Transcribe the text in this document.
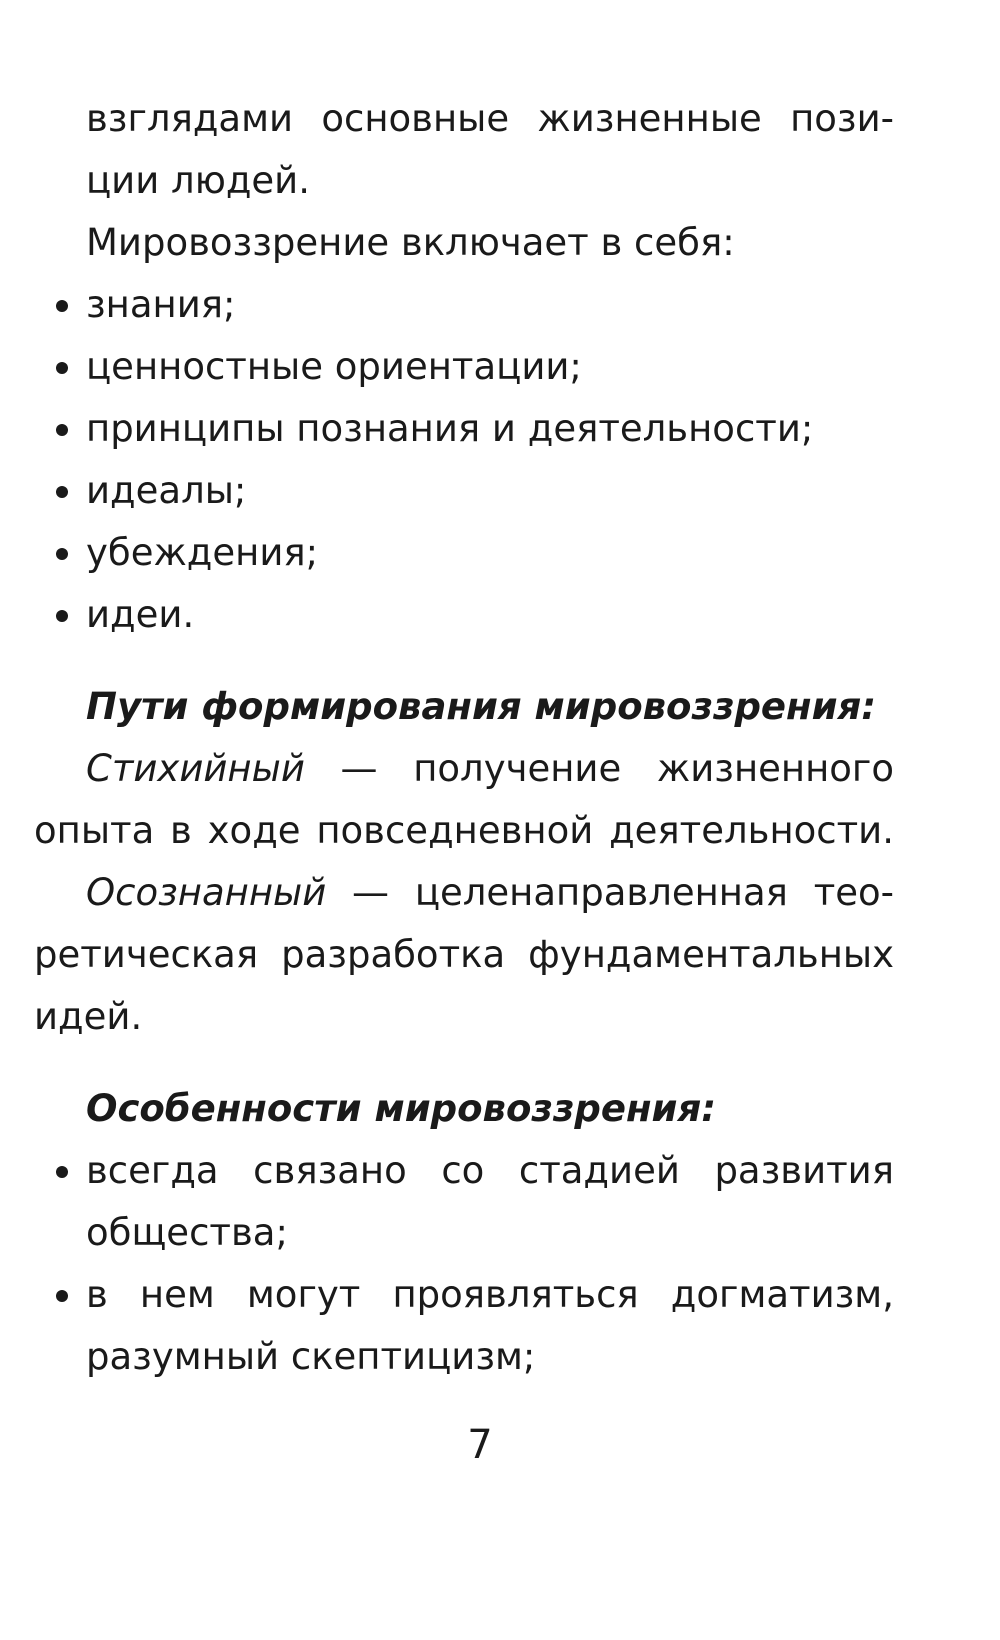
взглядами основные жизненные пози-
ции людей.
Мировоззрение включает в себя:
знания;
ценностные ориентации;
принципы познания и деятельности;
идеалы;
убеждения;
идеи.
Пути формирования мировоззрения:
Стихийный — получение жизненного
опыта в ходе повседневной деятельности.
Осознанный — целенаправленная тео-
ретическая разработка фундаментальных
идей.
Особенности мировоззрения:
всегда связано со стадией развития
общества;
в нем могут проявляться догматизм,
разумный скептицизм;
7
